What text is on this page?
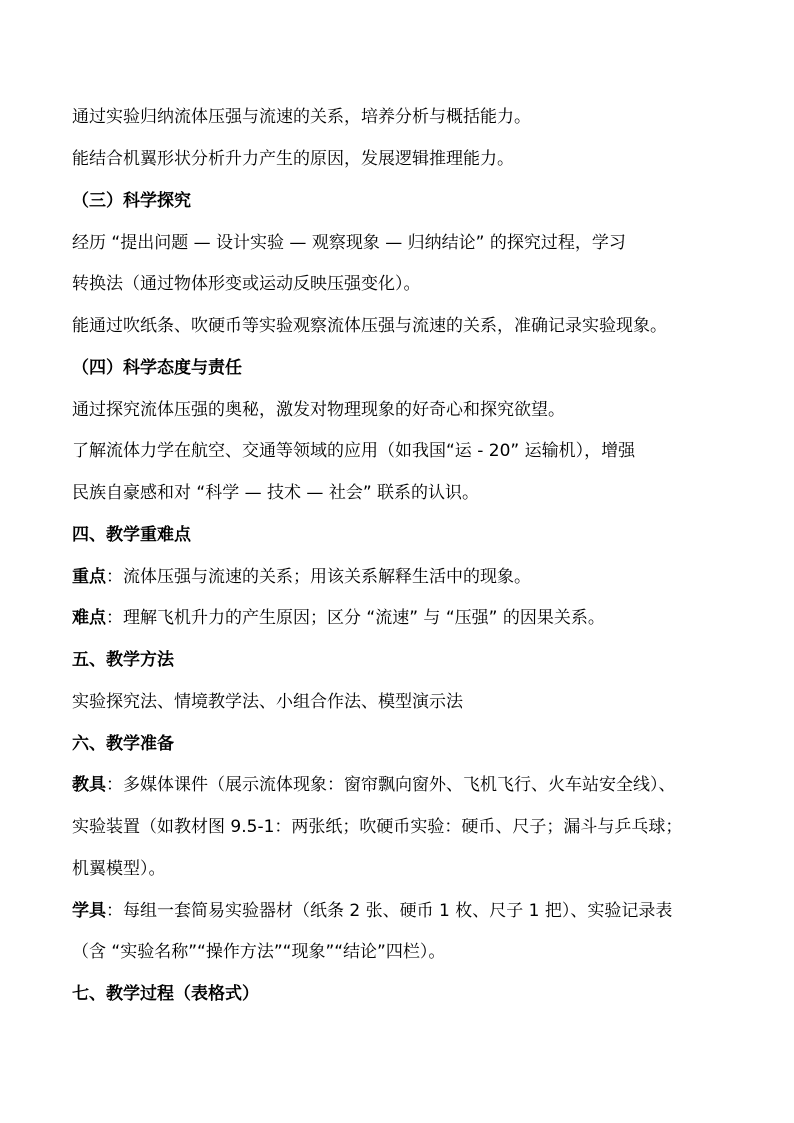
通过实验归纳流体压强与流速的关系，培养分析与概括能力。
能结合机翼形状分析升力产生的原因，发展逻辑推理能力。
（三）科学探究
经历 “提出问题 — 设计实验 — 观察现象 — 归纳结论” 的探究过程，学习
转换法（通过物体形变或运动反映压强变化）。
能通过吹纸条、吹硬币等实验观察流体压强与流速的关系，准确记录实验现象。
（四）科学态度与责任
通过探究流体压强的奥秘，激发对物理现象的好奇心和探究欲望。
了解流体力学在航空、交通等领域的应用（如我国“运 - 20” 运输机），增强
民族自豪感和对 “科学 — 技术 — 社会” 联系的认识。
四、教学重难点
重点：流体压强与流速的关系；用该关系解释生活中的现象。
难点：理解飞机升力的产生原因；区分 “流速” 与 “压强” 的因果关系。
五、教学方法
实验探究法、情境教学法、小组合作法、模型演示法
六、教学准备
教具：多媒体课件（展示流体现象：窗帘飘向窗外、飞机飞行、火车站安全线）、
实验装置（如教材图 9.5-1：两张纸；吹硬币实验：硬币、尺子；漏斗与乒乓球；
机翼模型）。
学具：每组一套简易实验器材（纸条 2 张、硬币 1 枚、尺子 1 把）、实验记录表
（含 “实验名称”“操作方法”“现象”“结论”四栏）。
七、教学过程（表格式）
